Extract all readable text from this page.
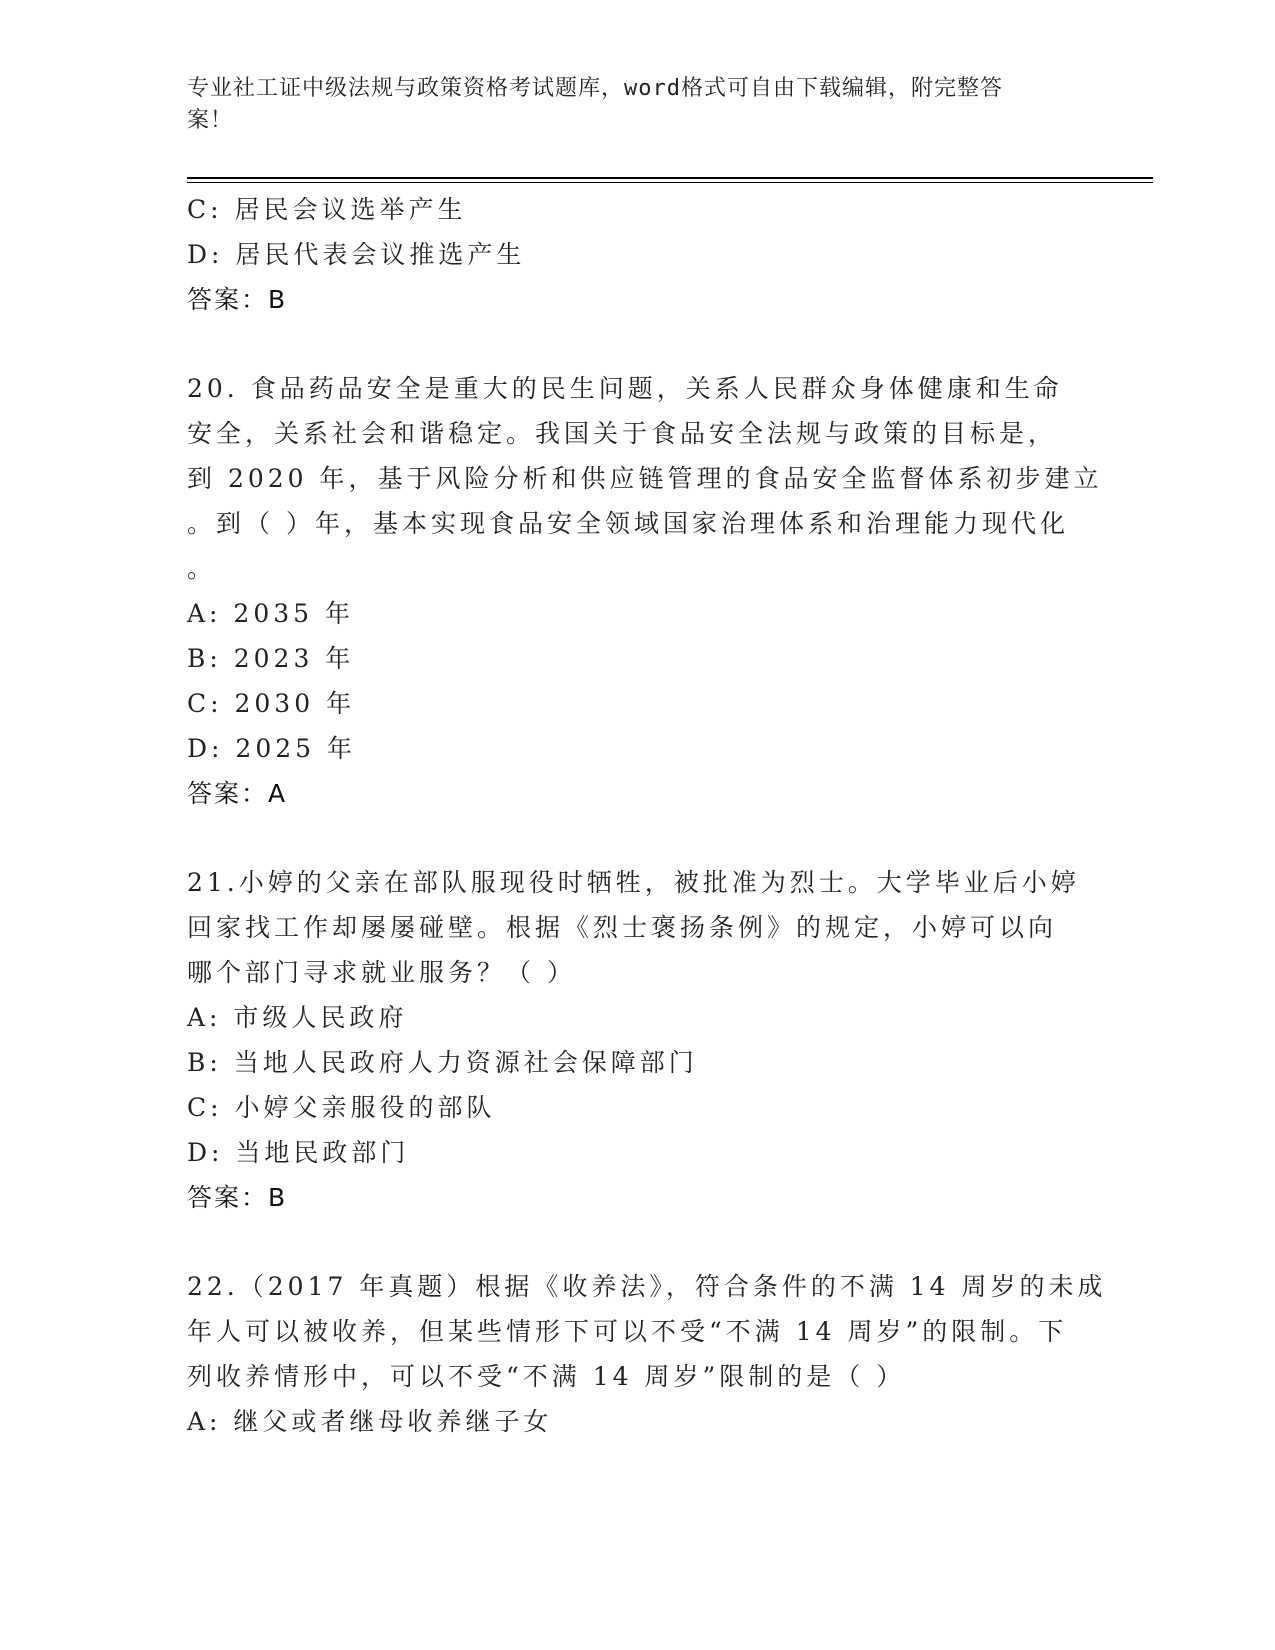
专业社工证中级法规与政策资格考试题库，word格式可自由下载编辑，附完整答
案！
C: 居民会议选举产生
D: 居民代表会议推选产生
答案：B
20. 食品药品安全是重大的民生问题，关系人民群众身体健康和生命
安全，关系社会和谐稳定。我国关于食品安全法规与政策的目标是，
到 2020 年，基于风险分析和供应链管理的食品安全监督体系初步建立
。到（ ）年，基本实现食品安全领域国家治理体系和治理能力现代化
。
A: 2035 年
B: 2023 年
C: 2030 年
D: 2025 年
答案：A
21.小婷的父亲在部队服现役时牺牲，被批准为烈士。大学毕业后小婷
回家找工作却屡屡碰壁。根据《烈士褒扬条例》的规定，小婷可以向
哪个部门寻求就业服务？（ ）
A: 市级人民政府
B: 当地人民政府人力资源社会保障部门
C: 小婷父亲服役的部队
D: 当地民政部门
答案：B
22.（2017 年真题）根据《收养法》，符合条件的不满 14 周岁的未成
年人可以被收养，但某些情形下可以不受“不满 14 周岁”的限制。下
列收养情形中，可以不受“不满 14 周岁”限制的是（ ）
A: 继父或者继母收养继子女
